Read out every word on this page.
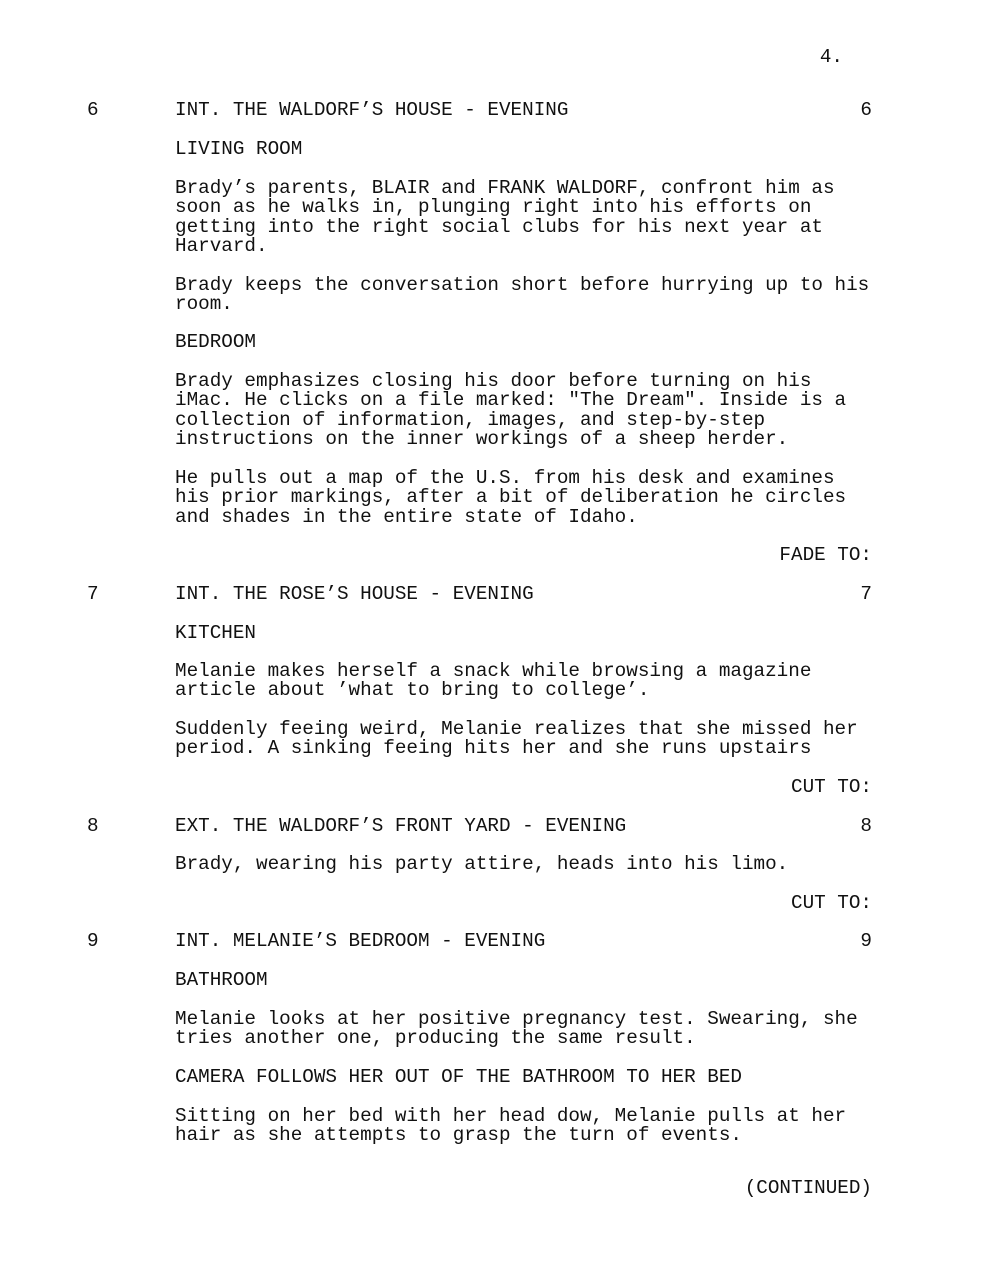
4.
6	INT. THE WALDORF’S HOUSE - EVENING	6
LIVING ROOM
Brady’s parents, BLAIR and FRANK WALDORF, confront him as
soon as he walks in, plunging right into his efforts on
getting into the right social clubs for his next year at
Harvard.
Brady keeps the conversation short before hurrying up to his
room.
BEDROOM
Brady emphasizes closing his door before turning on his
iMac. He clicks on a file marked: "The Dream". Inside is a
collection of information, images, and step-by-step
instructions on the inner workings of a sheep herder.
He pulls out a map of the U.S. from his desk and examines
his prior markings, after a bit of deliberation he circles
and shades in the entire state of Idaho.
FADE TO:
7	INT. THE ROSE’S HOUSE - EVENING	7
KITCHEN
Melanie makes herself a snack while browsing a magazine
article about ’what to bring to college’.
Suddenly feeing weird, Melanie realizes that she missed her
period. A sinking feeing hits her and she runs upstairs
CUT TO:
8	EXT. THE WALDORF’S FRONT YARD - EVENING	8
Brady, wearing his party attire, heads into his limo.
CUT TO:
9	INT. MELANIE’S BEDROOM - EVENING	9
BATHROOM
Melanie looks at her positive pregnancy test. Swearing, she
tries another one, producing the same result.
CAMERA FOLLOWS HER OUT OF THE BATHROOM TO HER BED
Sitting on her bed with her head dow, Melanie pulls at her
hair as she attempts to grasp the turn of events.
(CONTINUED)
